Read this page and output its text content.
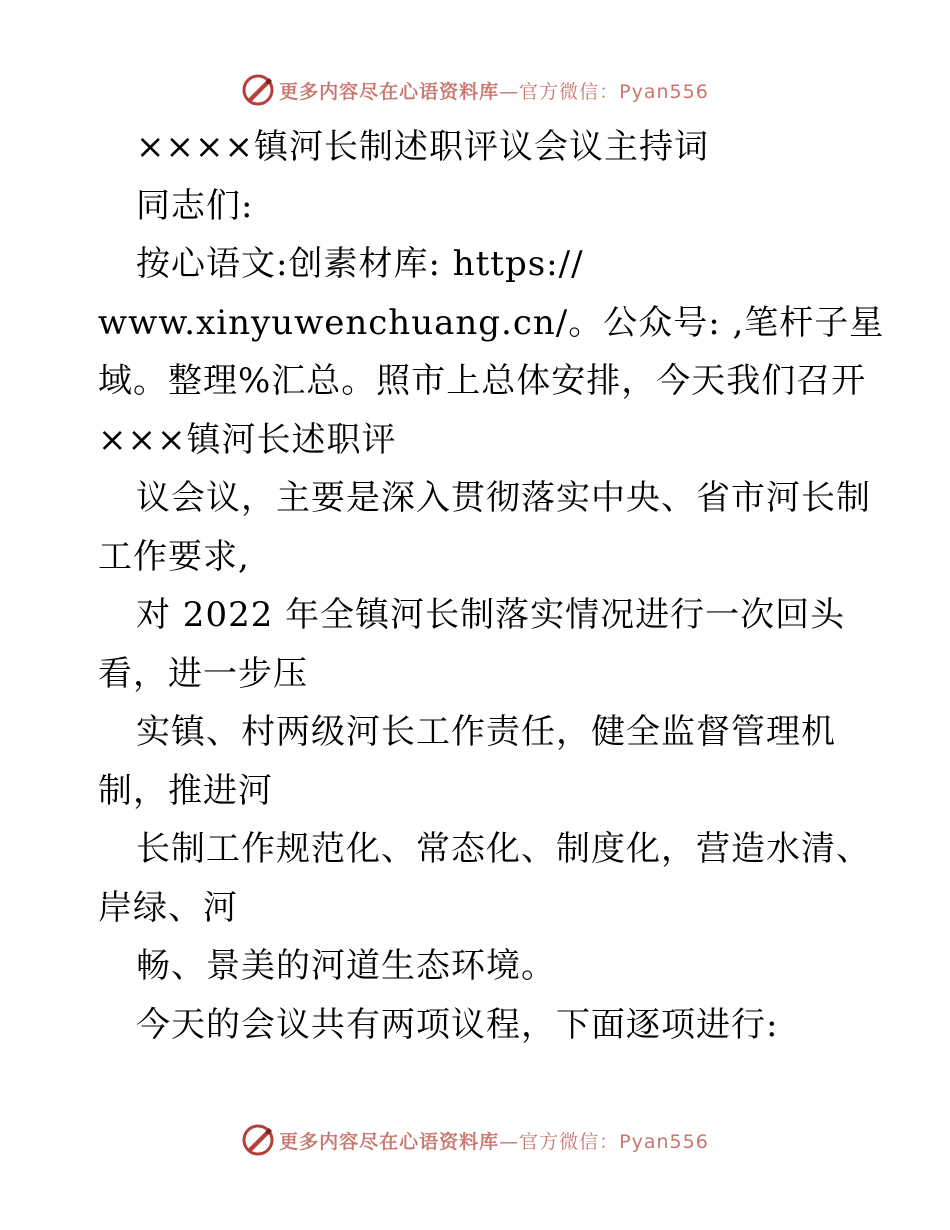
更多内容尽在心语资料库—官方微信：Pyan556
××××镇河长制述职评议会议主持词
同志们:
按心语文:创素材库: https://
www.xinyuwenchuang.cn/。公众号: ,笔杆子星
域。整理%汇总。照市上总体安排，今天我们召开
×××镇河长述职评
议会议，主要是深入贯彻落实中央、省市河长制
工作要求,
对 2022 年全镇河长制落实情况进行一次回头
看，进一步压
实镇、村两级河长工作责任，健全监督管理机
制，推进河
长制工作规范化、常态化、制度化，营造水清、
岸绿、河
畅、景美的河道生态环境。
今天的会议共有两项议程，下面逐项进行:
更多内容尽在心语资料库—官方微信：Pyan556
